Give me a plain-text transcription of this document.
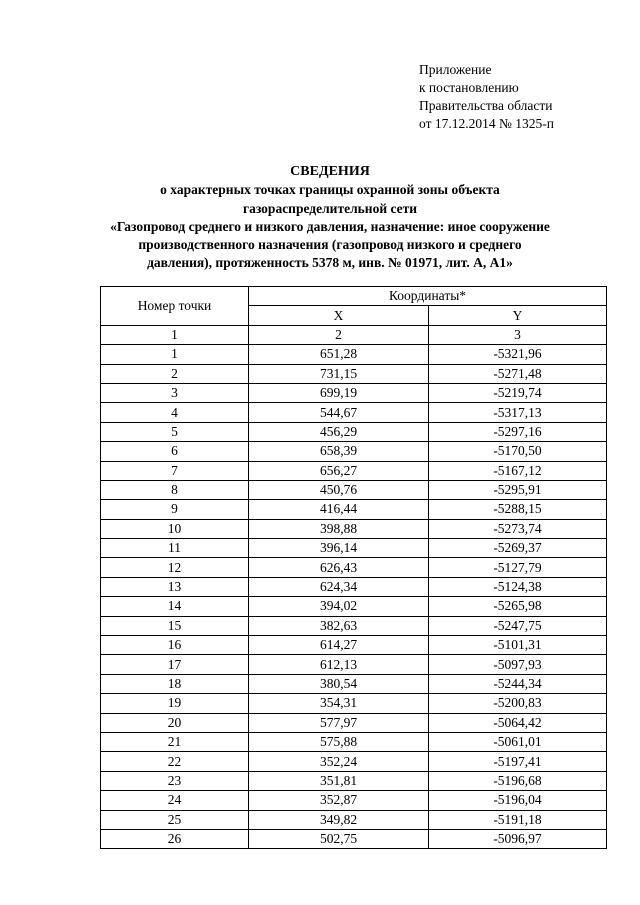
Приложение
к постановлению
Правительства области
от 17.12.2014 № 1325-п
СВЕДЕНИЯ
о характерных точках границы охранной зоны объекта
газораспределительной сети
«Газопровод среднего и низкого давления, назначение: иное сооружение
производственного назначения (газопровод низкого и среднего
давления), протяженность 5378 м, инв. № 01971, лит. А, А1»
Номер точки	Координаты*	
	X	Y
1	2	3
1	651,28	-5321,96
2	731,15	-5271,48
3	699,19	-5219,74
4	544,67	-5317,13
5	456,29	-5297,16
6	658,39	-5170,50
7	656,27	-5167,12
8	450,76	-5295,91
9	416,44	-5288,15
10	398,88	-5273,74
11	396,14	-5269,37
12	626,43	-5127,79
13	624,34	-5124,38
14	394,02	-5265,98
15	382,63	-5247,75
16	614,27	-5101,31
17	612,13	-5097,93
18	380,54	-5244,34
19	354,31	-5200,83
20	577,97	-5064,42
21	575,88	-5061,01
22	352,24	-5197,41
23	351,81	-5196,68
24	352,87	-5196,04
25	349,82	-5191,18
26	502,75	-5096,97
